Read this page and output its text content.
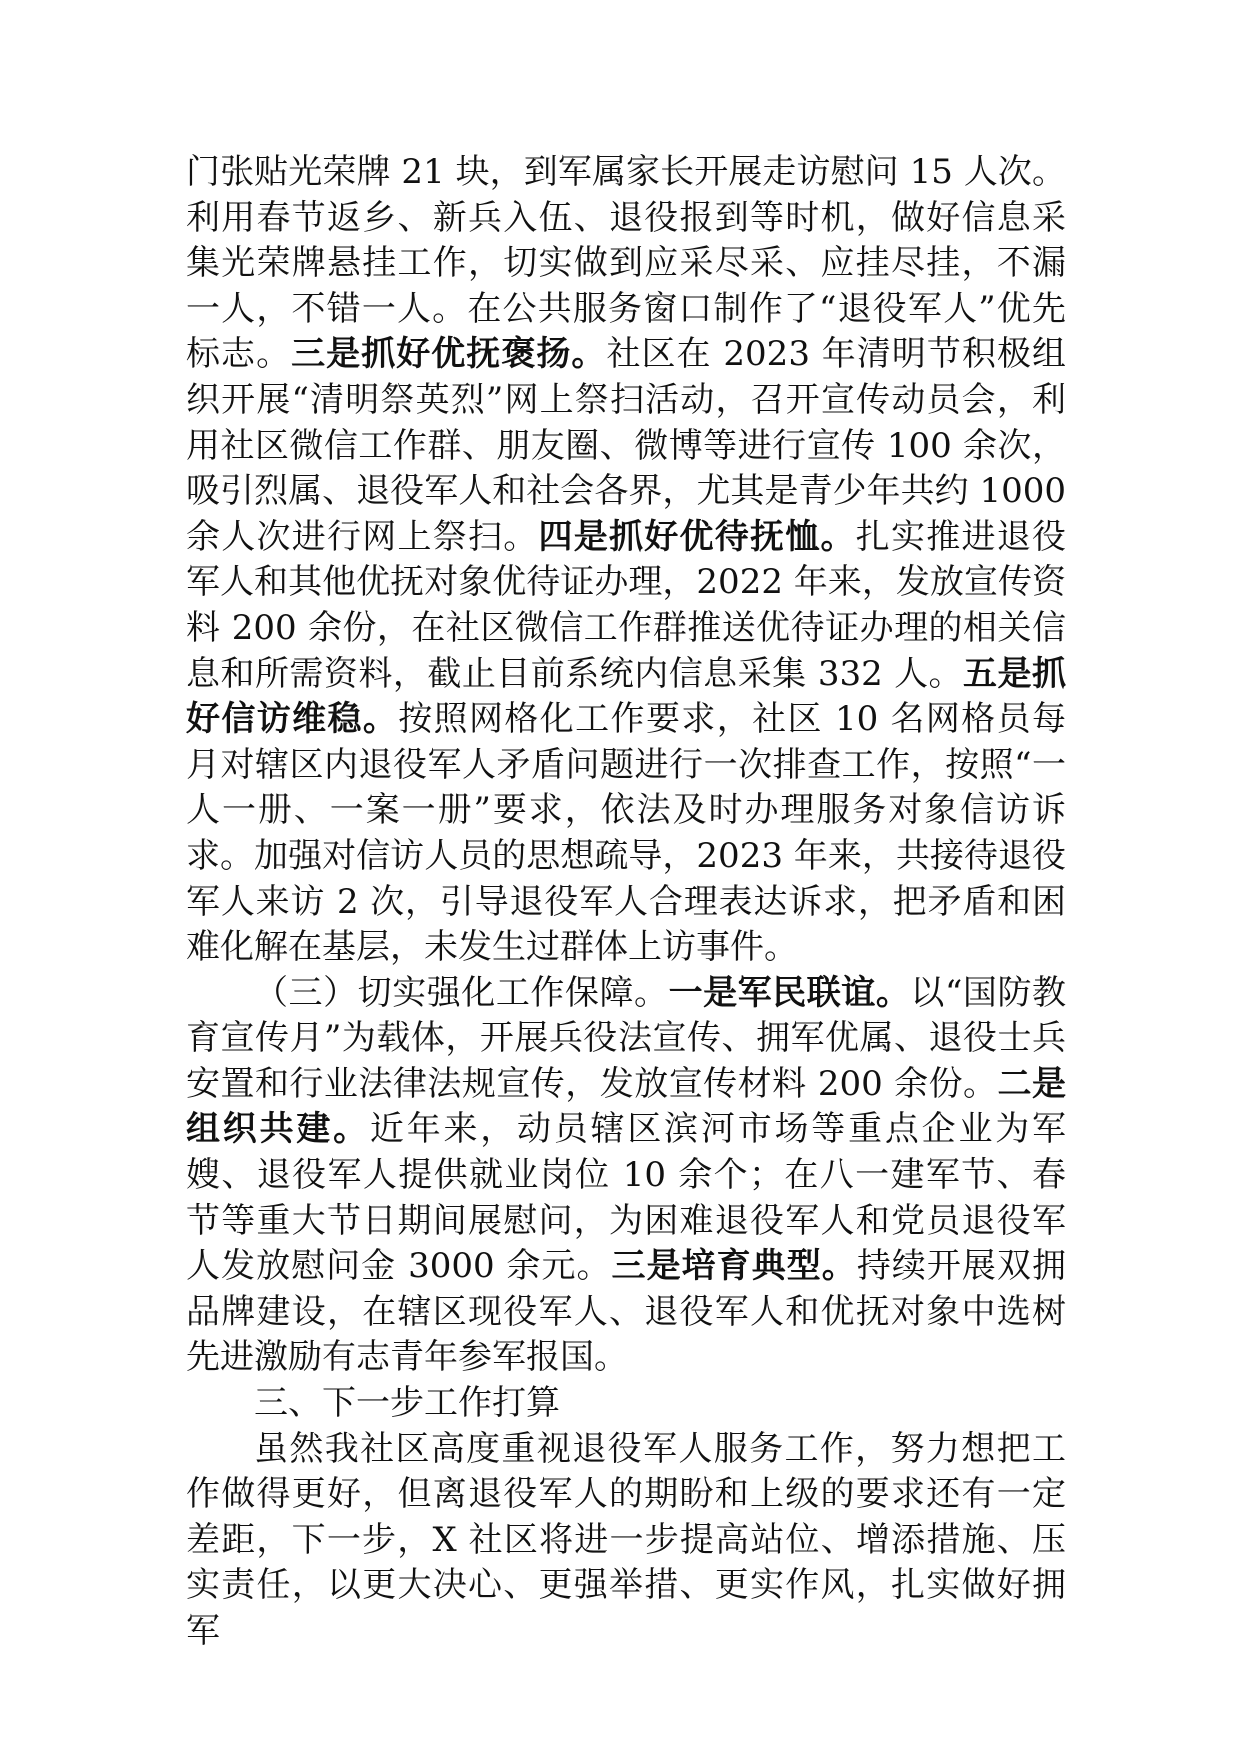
门张贴光荣牌 21 块，到军属家长开展走访慰问 15 人次。利用春节返乡、新兵入伍、退役报到等时机，做好信息采集光荣牌悬挂工作，切实做到应采尽采、应挂尽挂，不漏一人，不错一人。在公共服务窗口制作了“退役军人”优先标志。三是抓好优抚褒扬。社区在 2023 年清明节积极组织开展“清明祭英烈”网上祭扫活动，召开宣传动员会，利用社区微信工作群、朋友圈、微博等进行宣传 100 余次，吸引烈属、退役军人和社会各界，尤其是青少年共约 1000 余人次进行网上祭扫。四是抓好优待抚恤。扎实推进退役军人和其他优抚对象优待证办理，2022 年来，发放宣传资料 200 余份，在社区微信工作群推送优待证办理的相关信息和所需资料，截止目前系统内信息采集 332 人。五是抓好信访维稳。按照网格化工作要求，社区 10 名网格员每月对辖区内退役军人矛盾问题进行一次排查工作，按照“一人一册、一案一册”要求，依法及时办理服务对象信访诉求。加强对信访人员的思想疏导，2023 年来，共接待退役军人来访 2 次，引导退役军人合理表达诉求，把矛盾和困难化解在基层，未发生过群体上访事件。

（三）切实强化工作保障。一是军民联谊。以“国防教育宣传月”为载体，开展兵役法宣传、拥军优属、退役士兵安置和行业法律法规宣传，发放宣传材料 200 余份。二是组织共建。近年来，动员辖区滨河市场等重点企业为军嫂、退役军人提供就业岗位 10 余个；在八一建军节、春节等重大节日期间展慰问，为困难退役军人和党员退役军人发放慰问金 3000 余元。三是培育典型。持续开展双拥品牌建设，在辖区现役军人、退役军人和优抚对象中选树先进激励有志青年参军报国。

三、下一步工作打算

虽然我社区高度重视退役军人服务工作，努力想把工作做得更好，但离退役军人的期盼和上级的要求还有一定差距，下一步，X 社区将进一步提高站位、增添措施、压实责任，以更大决心、更强举措、更实作风，扎实做好拥军
